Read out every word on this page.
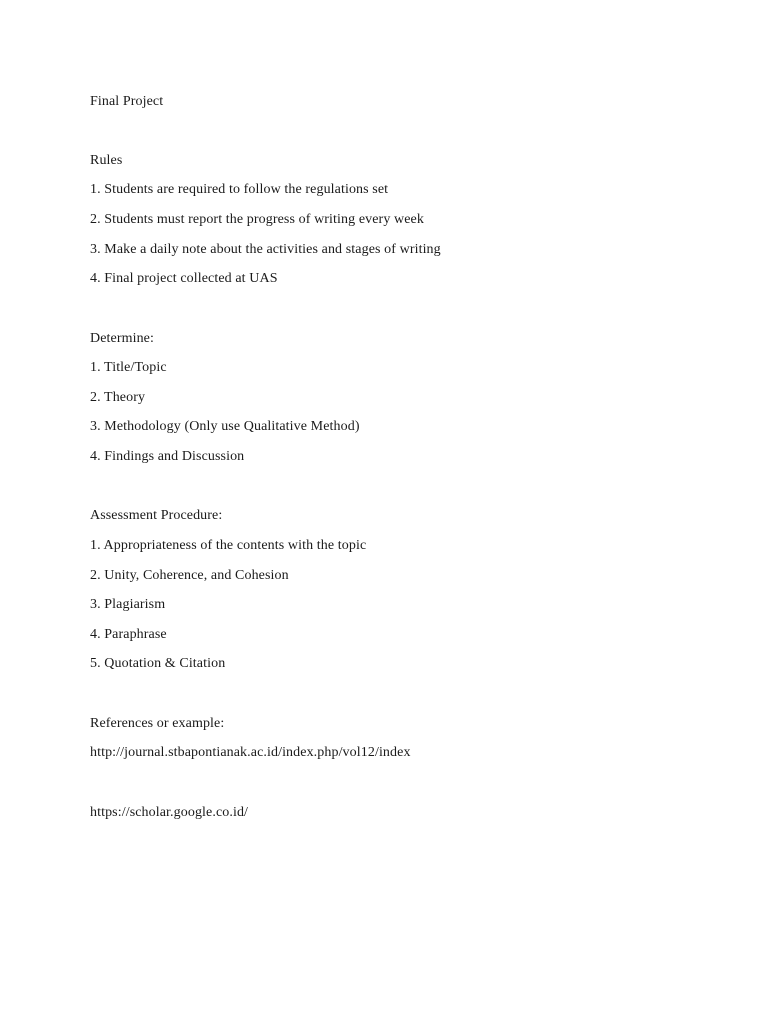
Final Project
Rules
1. Students are required to follow the regulations set
2. Students must report the progress of writing every week
3. Make a daily note about the activities and stages of writing
4. Final project collected at UAS
Determine:
1. Title/Topic
2. Theory
3. Methodology (Only use Qualitative Method)
4. Findings and Discussion
Assessment Procedure:
1. Appropriateness of the contents with the topic
2. Unity, Coherence, and Cohesion
3. Plagiarism
4. Paraphrase
5. Quotation & Citation
References or example:
http://journal.stbapontianak.ac.id/index.php/vol12/index
https://scholar.google.co.id/
